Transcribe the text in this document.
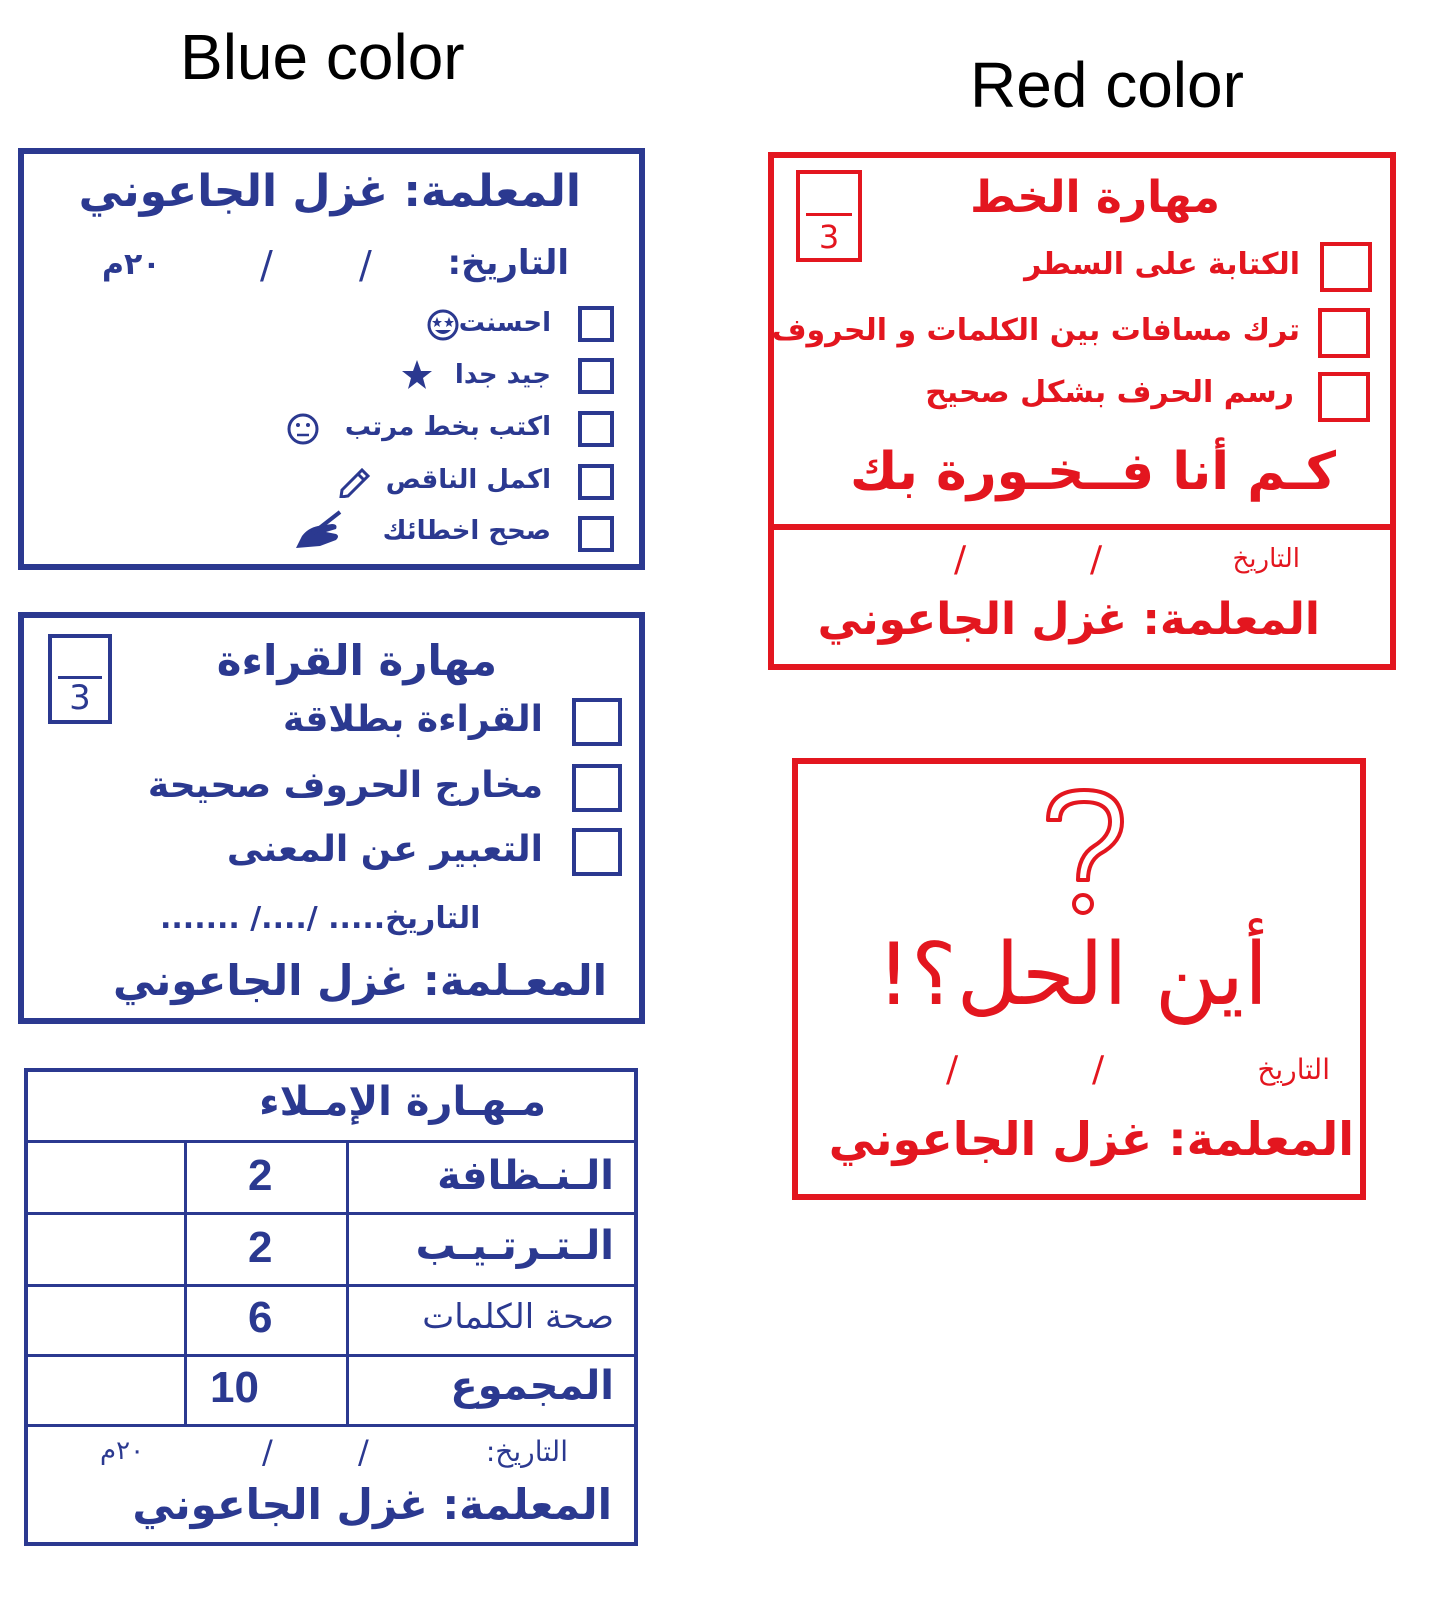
Blue color	Red color
المعلمة: غزل الجاعوني
التاريخ:
/
/
٢٠م
احسنت
جيد جدا
اكتب بخط مرتب
اكمل الناقص
صحح اخطائك
3
مهارة القراءة
القراءة بطلاقة
مخارج الحروف صحيحة
التعبير عن المعنى
....... /..../ .....التاريخ
المعـلمة: غزل الجاعوني
مـهـارة الإمـلاء
الـنـظافة
2
الـتـرتـيـب
2
صحة الكلمات
6
المجموع
10
التاريخ:
/
/
٢٠م
المعلمة: غزل الجاعوني
3
مهارة الخط
الكتابة على السطر
ترك مسافات بين الكلمات و الحروف
رسم الحرف بشكل صحيح
كـم أنا فــخـورة بك
التاريخ
/
/
المعلمة: غزل الجاعوني
أين الحل؟!
التاريخ
/
/
المعلمة: غزل الجاعوني
